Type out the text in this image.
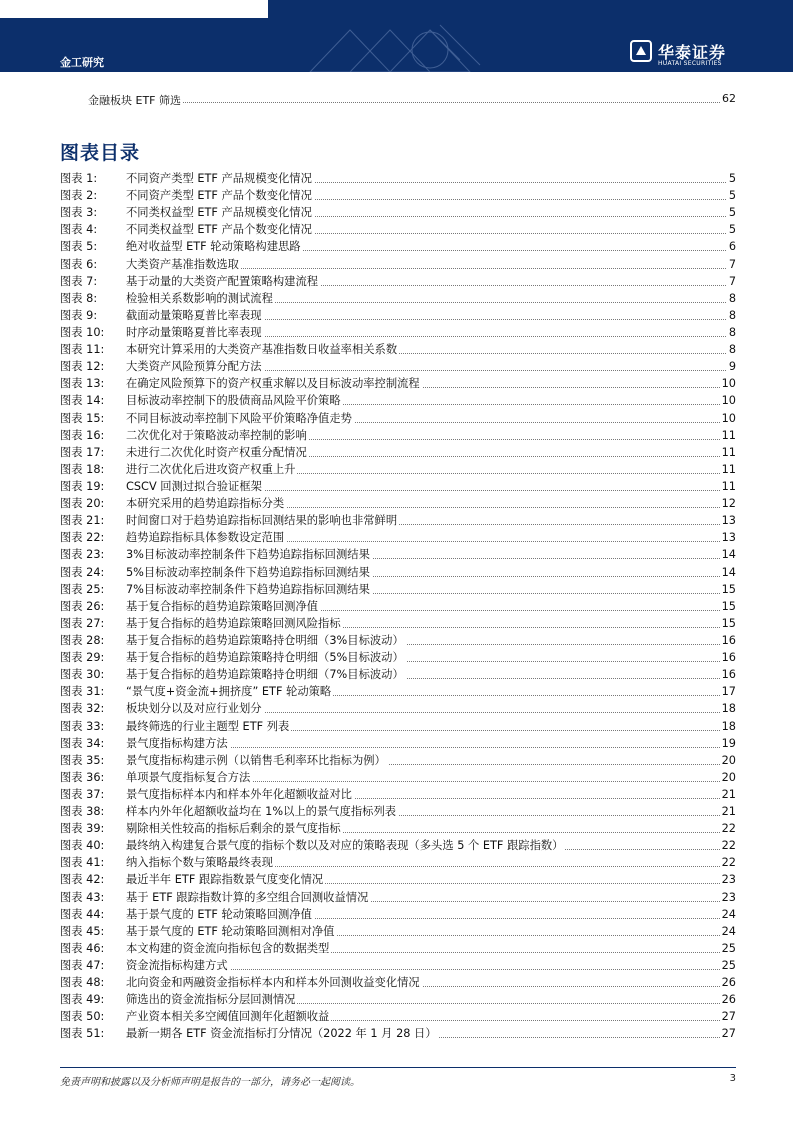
金工研究
华泰证券
HUATAI SECURITIES
金融板块 ETF 筛选	62
图表目录
图表 1:	不同资产类型 ETF 产品规模变化情况	5
图表 2:	不同资产类型 ETF 产品个数变化情况	5
图表 3:	不同类权益型 ETF 产品规模变化情况	5
图表 4:	不同类权益型 ETF 产品个数变化情况	5
图表 5:	绝对收益型 ETF 轮动策略构建思路	6
图表 6:	大类资产基准指数选取	7
图表 7:	基于动量的大类资产配置策略构建流程	7
图表 8:	检验相关系数影响的测试流程	8
图表 9:	截面动量策略夏普比率表现	8
图表 10:	时序动量策略夏普比率表现	8
图表 11:	本研究计算采用的大类资产基准指数日收益率相关系数	8
图表 12:	大类资产风险预算分配方法	9
图表 13:	在确定风险预算下的资产权重求解以及目标波动率控制流程	10
图表 14:	目标波动率控制下的股债商品风险平价策略	10
图表 15:	不同目标波动率控制下风险平价策略净值走势	10
图表 16:	二次优化对于策略波动率控制的影响	11
图表 17:	未进行二次优化时资产权重分配情况	11
图表 18:	进行二次优化后进攻资产权重上升	11
图表 19:	CSCV 回测过拟合验证框架	11
图表 20:	本研究采用的趋势追踪指标分类	12
图表 21:	时间窗口对于趋势追踪指标回测结果的影响也非常鲜明	13
图表 22:	趋势追踪指标具体参数设定范围	13
图表 23:	3%目标波动率控制条件下趋势追踪指标回测结果	14
图表 24:	5%目标波动率控制条件下趋势追踪指标回测结果	14
图表 25:	7%目标波动率控制条件下趋势追踪指标回测结果	15
图表 26:	基于复合指标的趋势追踪策略回测净值	15
图表 27:	基于复合指标的趋势追踪策略回测风险指标	15
图表 28:	基于复合指标的趋势追踪策略持仓明细（3%目标波动）	16
图表 29:	基于复合指标的趋势追踪策略持仓明细（5%目标波动）	16
图表 30:	基于复合指标的趋势追踪策略持仓明细（7%目标波动）	16
图表 31:	“景气度+资金流+拥挤度” ETF 轮动策略	17
图表 32:	板块划分以及对应行业划分	18
图表 33:	最终筛选的行业主题型 ETF 列表	18
图表 34:	景气度指标构建方法	19
图表 35:	景气度指标构建示例（以销售毛利率环比指标为例）	20
图表 36:	单项景气度指标复合方法	20
图表 37:	景气度指标样本内和样本外年化超额收益对比	21
图表 38:	样本内外年化超额收益均在 1%以上的景气度指标列表	21
图表 39:	剔除相关性较高的指标后剩余的景气度指标	22
图表 40:	最终纳入构建复合景气度的指标个数以及对应的策略表现（多头选 5 个 ETF 跟踪指数）	22
图表 41:	纳入指标个数与策略最终表现	22
图表 42:	最近半年 ETF 跟踪指数景气度变化情况	23
图表 43:	基于 ETF 跟踪指数计算的多空组合回测收益情况	23
图表 44:	基于景气度的 ETF 轮动策略回测净值	24
图表 45:	基于景气度的 ETF 轮动策略回测相对净值	24
图表 46:	本文构建的资金流向指标包含的数据类型	25
图表 47:	资金流指标构建方式	25
图表 48:	北向资金和两融资金指标样本内和样本外回测收益变化情况	26
图表 49:	筛选出的资金流指标分层回测情况	26
图表 50:	产业资本相关多空阈值回测年化超额收益	27
图表 51:	最新一期各 ETF 资金流指标打分情况（2022 年 1 月 28 日）	27
免责声明和披露以及分析师声明是报告的一部分，请务必一起阅读。	3
